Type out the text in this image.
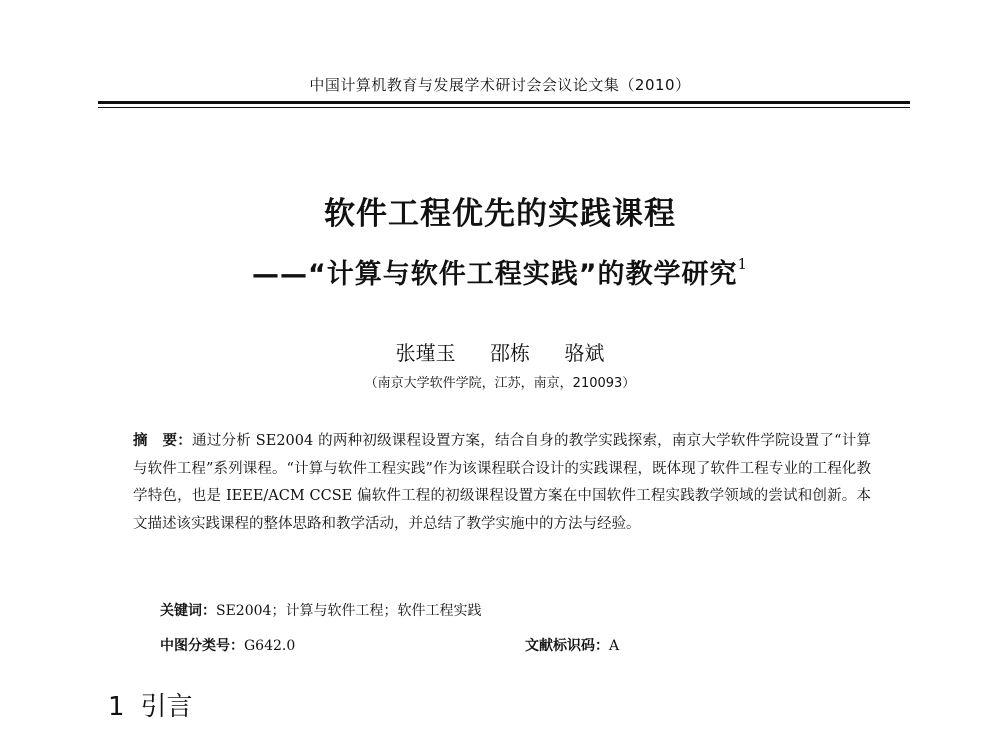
中国计算机教育与发展学术研讨会会议论文集（2010）
软件工程优先的实践课程
——“计算与软件工程实践”的教学研究$^1$
张瑾玉 邵栋 骆斌
（南京大学软件学院，江苏，南京，210093）
摘　要：通过分析 SE2004 的两种初级课程设置方案，结合自身的教学实践探索，南京大学软件学院设置了“计算与软件工程”系列课程。“计算与软件工程实践”作为该课程联合设计的实践课程，既体现了软件工程专业的工程化教学特色，也是 IEEE/ACM CCSE 偏软件工程的初级课程设置方案在中国软件工程实践教学领域的尝试和创新。本文描述该实践课程的整体思路和教学活动，并总结了教学实施中的方法与经验。
关键词：SE2004；计算与软件工程；软件工程实践
中图分类号：G642.0	文献标识码：A
1 引言
